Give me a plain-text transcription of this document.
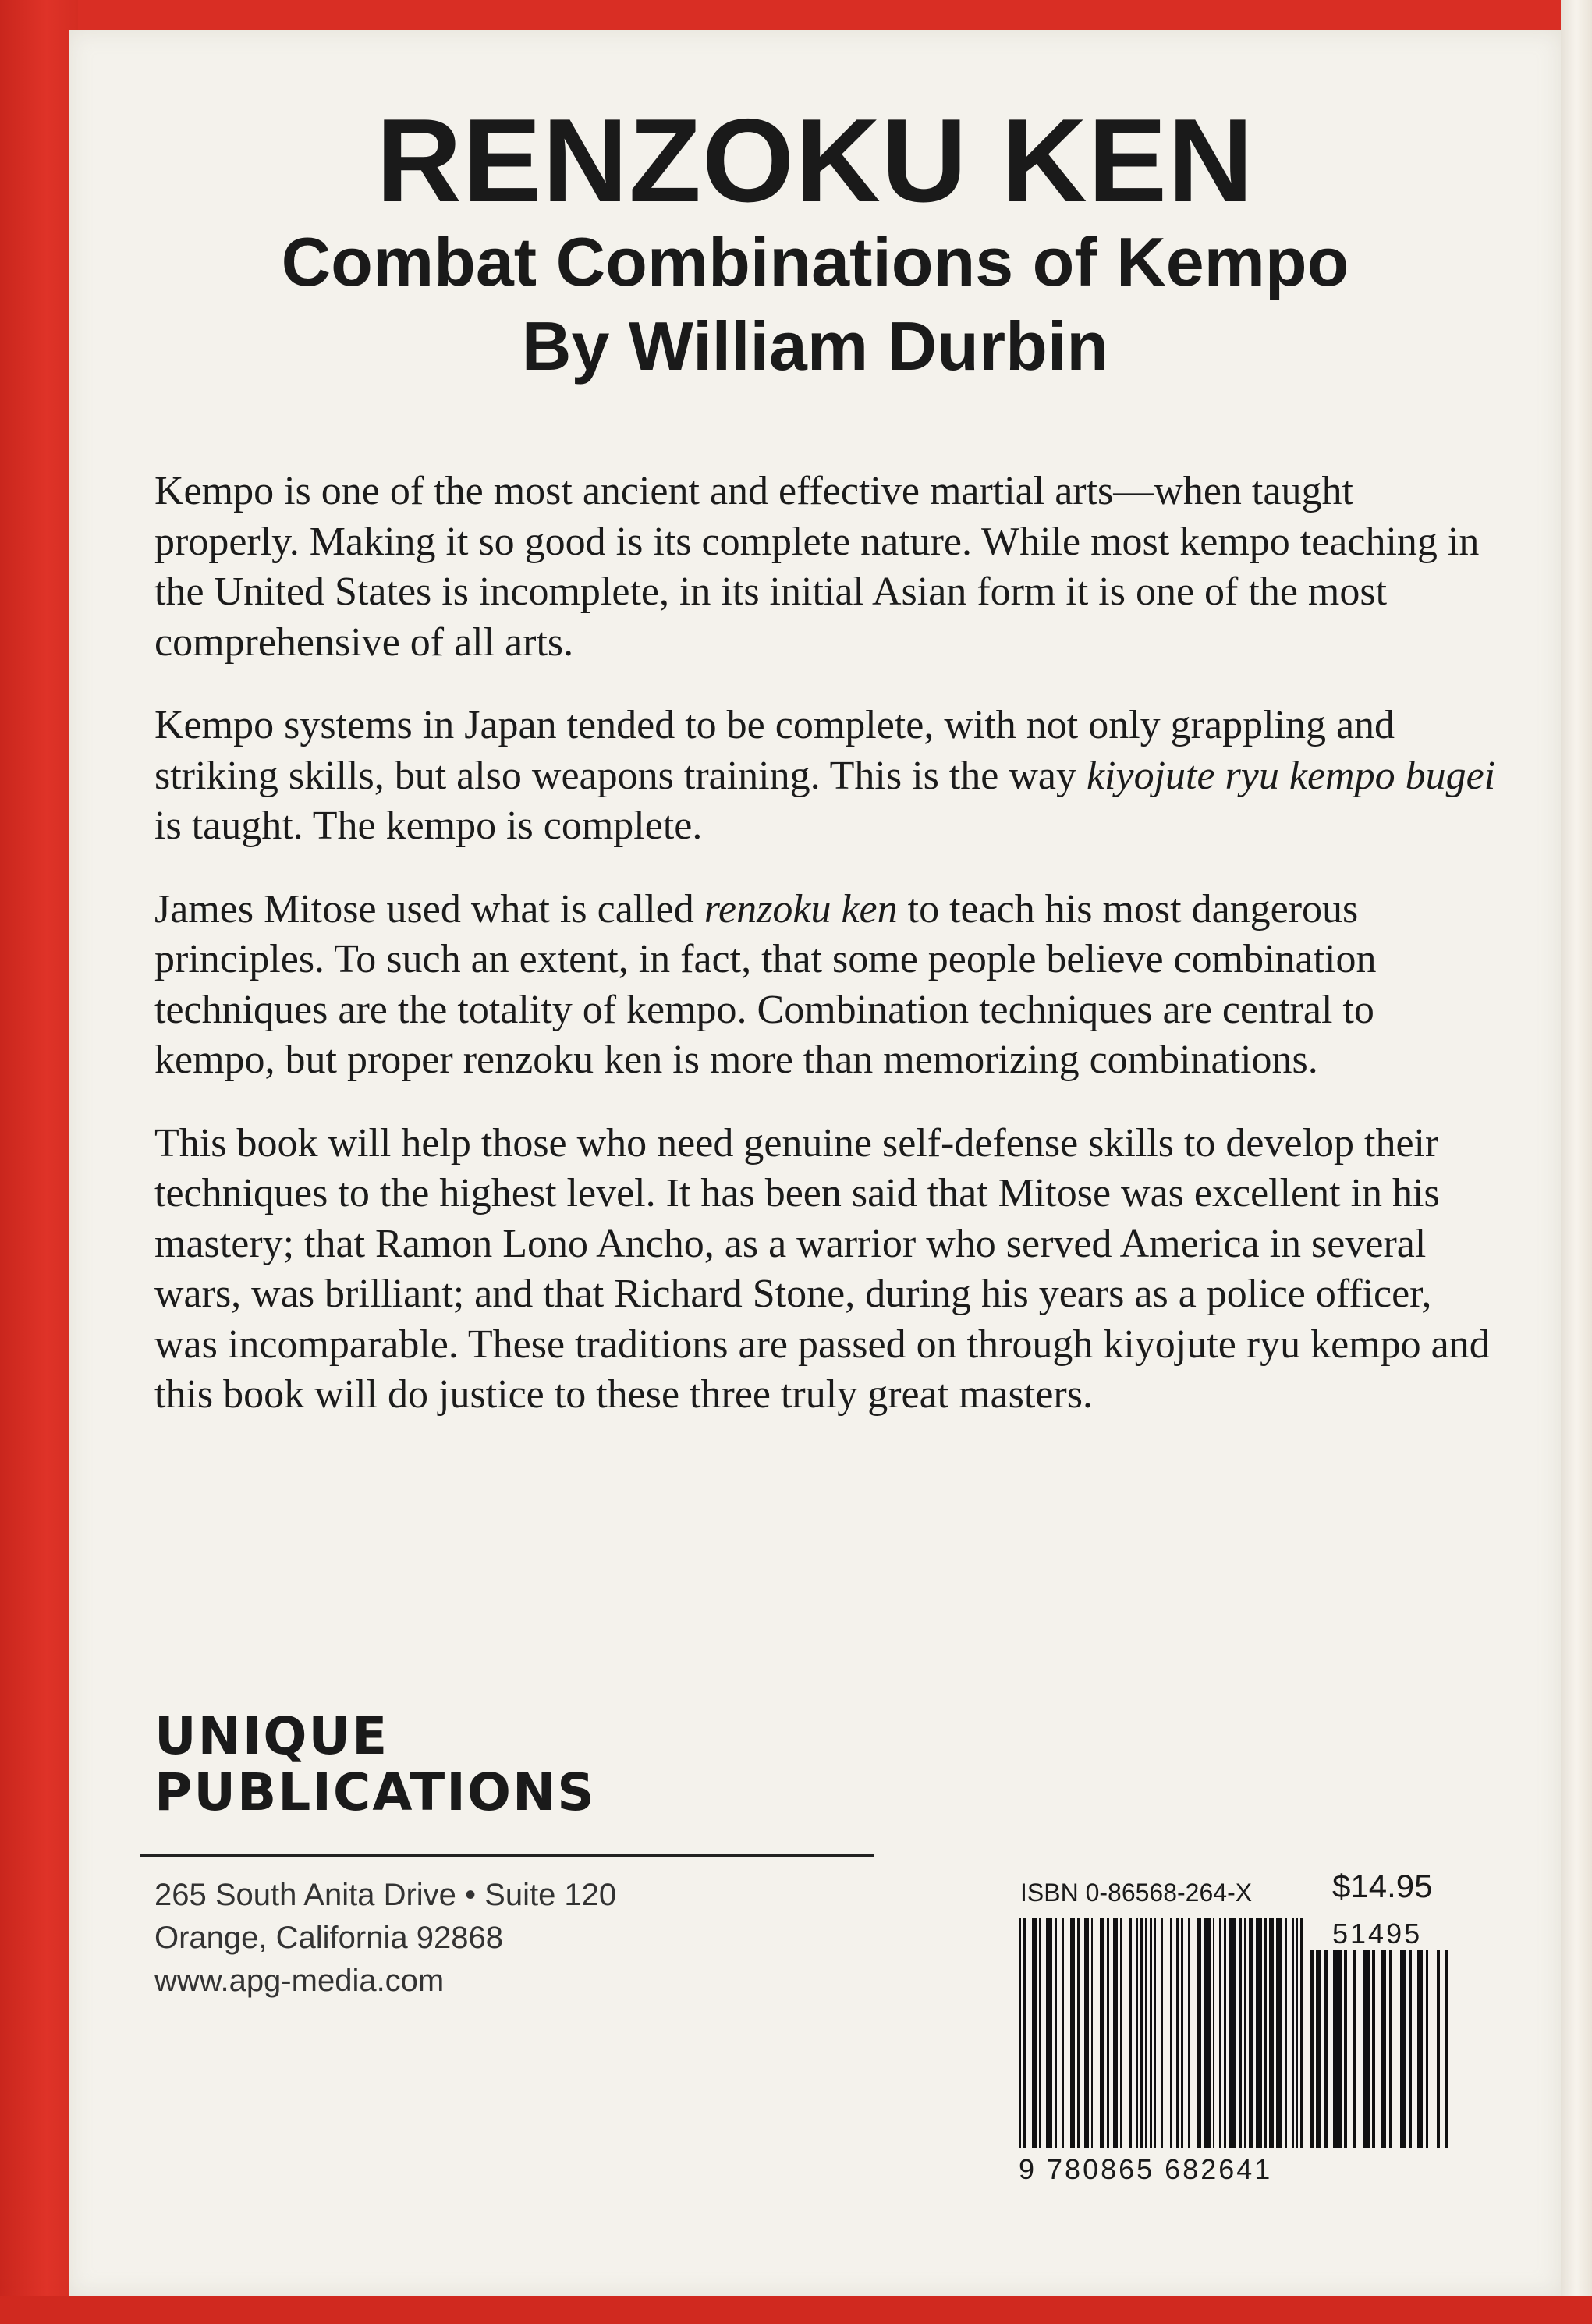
RENZOKU KEN
Combat Combinations of Kempo
By William Durbin

Kempo is one of the most ancient and effective martial arts—when taught properly. Making it so good is its complete nature. While most kempo teaching in the United States is incomplete, in its initial Asian form it is one of the most comprehensive of all arts.

Kempo systems in Japan tended to be complete, with not only grappling and striking skills, but also weapons training. This is the way kiyojute ryu kempo bugei is taught. The kempo is complete.

James Mitose used what is called renzoku ken to teach his most dangerous principles. To such an extent, in fact, that some people believe combination techniques are the totality of kempo. Combination techniques are central to kempo, but proper renzoku ken is more than memorizing combinations.

This book will help those who need genuine self-defense skills to develop their techniques to the highest level. It has been said that Mitose was excellent in his mastery; that Ramon Lono Ancho, as a warrior who served America in several wars, was brilliant; and that Richard Stone, during his years as a police officer, was incomparable. These traditions are passed on through kiyojute ryu kempo and this book will do justice to these three truly great masters.

UNIQUE
PUBLICATIONS
265 South Anita Drive • Suite 120
Orange, California 92868
www.apg-media.com
ISBN 0-86568-264-X $14.95
51495
9 780865 682641
